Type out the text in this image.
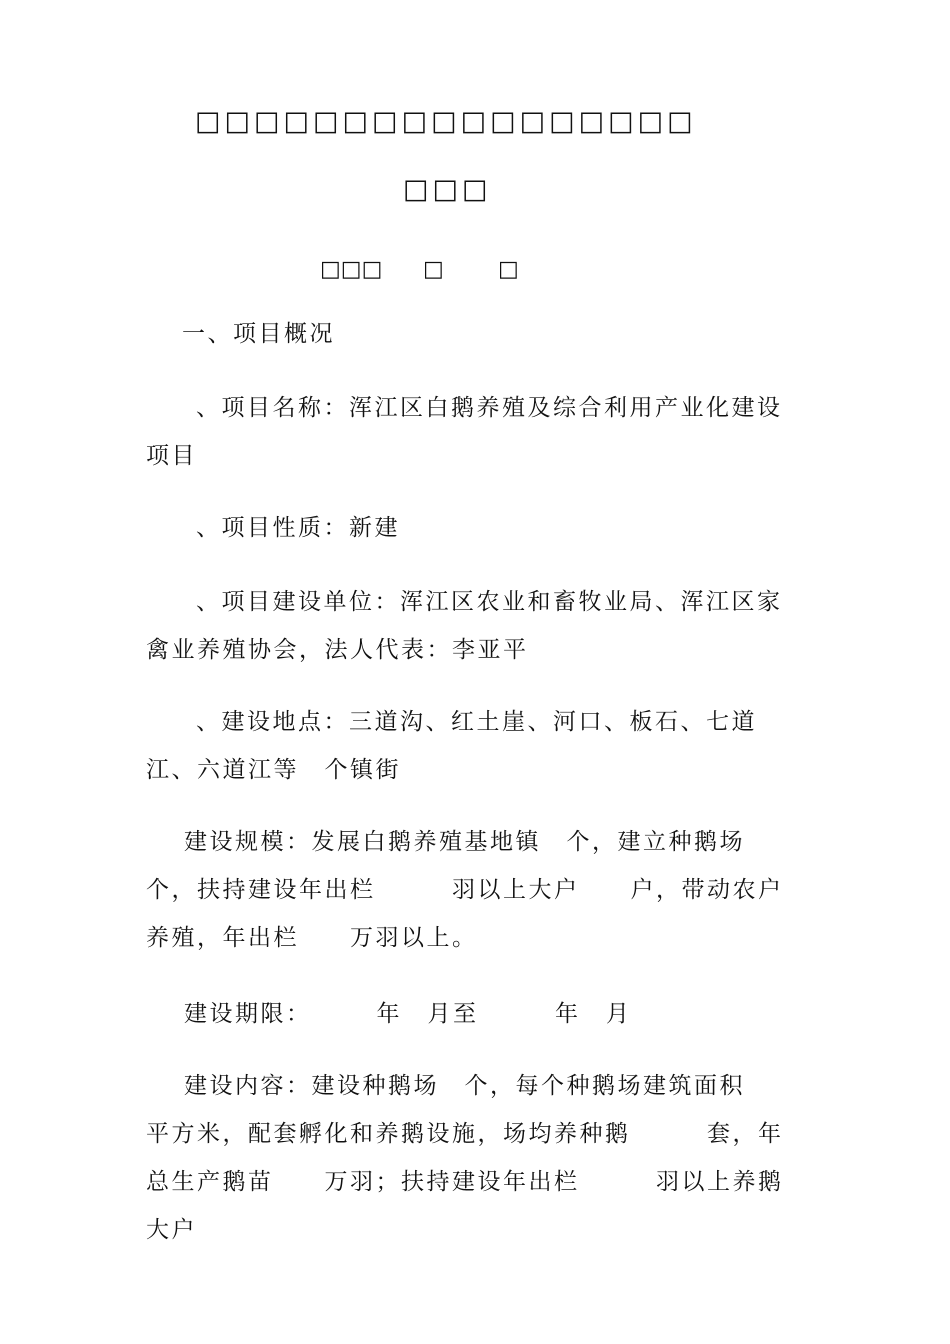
□□□□□□□□□□□□□□□□□
□□□
□□□ □ □

一、项目概况

、项目名称：浑江区白鹅养殖及综合利用产业化建设项目

、项目性质：新建

、项目建设单位：浑江区农业和畜牧业局、浑江区家禽业养殖协会，法人代表：李亚平

、建设地点：三道沟、红土崖、河口、板石、七道江、六道江等　个镇街

建设规模：发展白鹅养殖基地镇　个，建立种鹅场　个，扶持建设年出栏　　　羽以上大户　　户，带动农户养殖，年出栏　　万羽以上。

建设期限：　　　年　月至　　　年　月

建设内容：建设种鹅场　个，每个种鹅场建筑面积　　　平方米，配套孵化和养鹅设施，场均养种鹅　　　套，年总生产鹅苗　　万羽；扶持建设年出栏　　　羽以上养鹅大户
